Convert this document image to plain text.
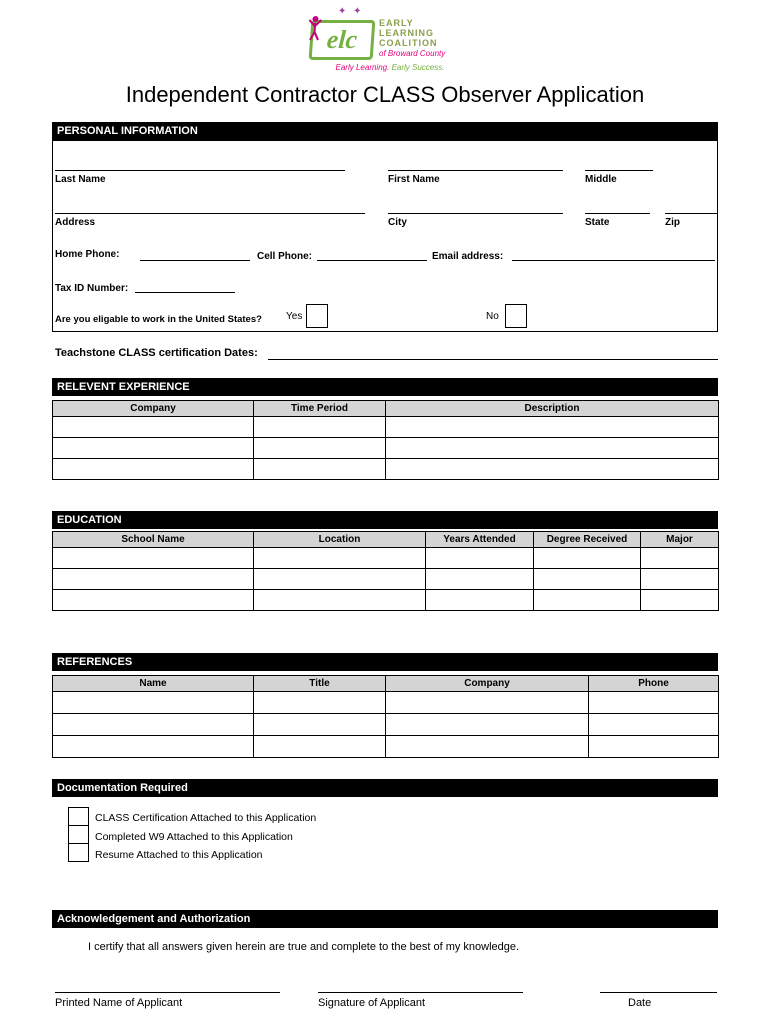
✦ ✦
elc
EARLY
LEARNING
COALITION
of Broward County
Early Learning. Early Success.
Independent Contractor CLASS Observer Application
PERSONAL INFORMATION
Last Name	First Name	Middle
Address	City	State	Zip
Home Phone:	Cell Phone:	Email address:
Tax ID Number:
Are you eligable to work in the United States? Yes	No
Teachstone CLASS certification Dates:
RELEVENT EXPERIENCE
Company	Time Period	Description

EDUCATION
School Name	Location	Years Attended	Degree Received	Major

REFERENCES
Name	Title	Company	Phone

Documentation Required
CLASS Certification Attached to this Application
Completed W9 Attached to this Application
Resume Attached to this Application
Acknowledgement and Authorization
I certify that all answers given herein are true and complete to the best of my knowledge.
Printed Name of Applicant	Signature of Applicant	Date
